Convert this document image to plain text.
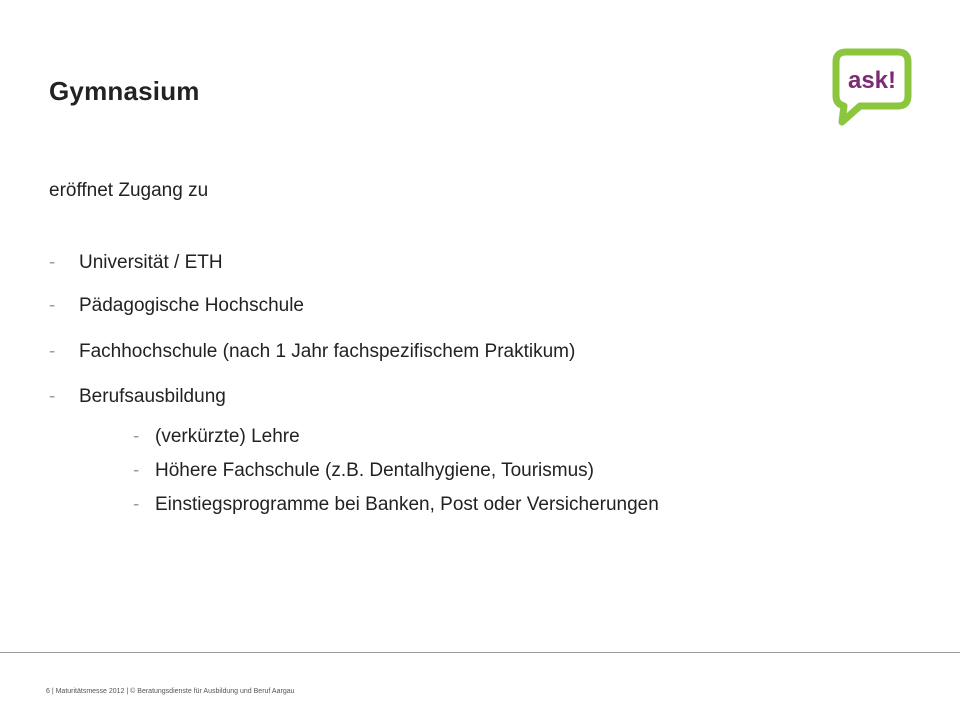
Gymnasium	ask!
eröffnet Zugang zu
-	Universität / ETH
-	Pädagogische Hochschule
-	Fachhochschule (nach 1 Jahr fachspezifischem Praktikum)
-	Berufsausbildung
- (verkürzte) Lehre
- Höhere Fachschule (z.B. Dentalhygiene, Tourismus)
- Einstiegsprogramme bei Banken, Post oder Versicherungen
6 | Maturitätsmesse 2012 | © Beratungsdienste für Ausbildung und Beruf Aargau
